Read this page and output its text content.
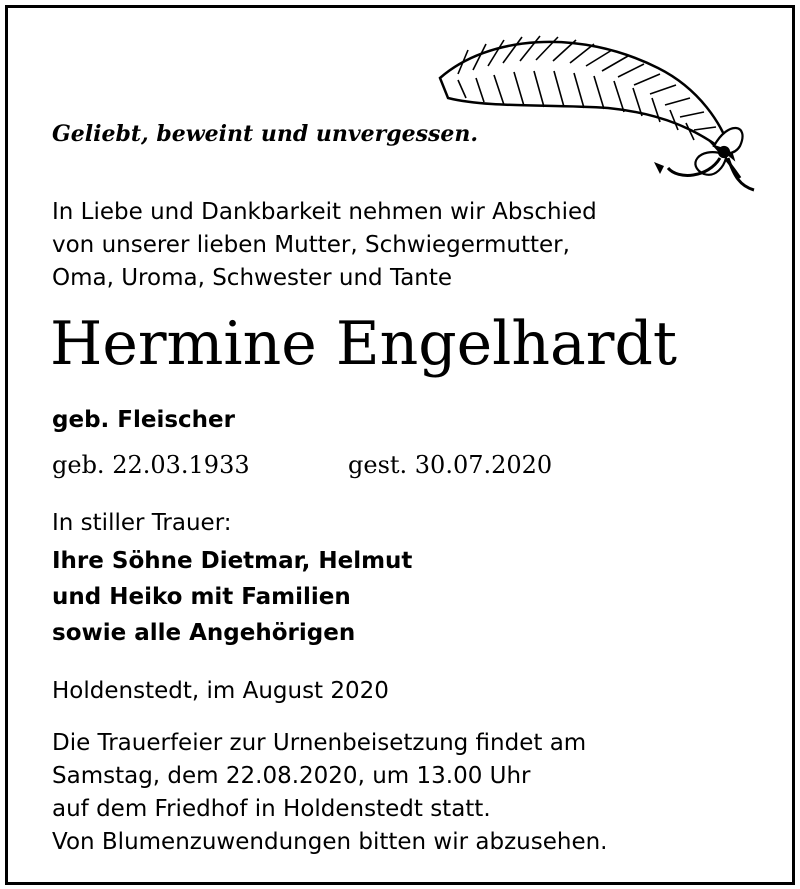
Geliebt, beweint und unvergessen.
In Liebe und Dankbarkeit nehmen wir Abschied
von unserer lieben Mutter, Schwiegermutter,
Oma, Uroma, Schwester und Tante
Hermine Engelhardt
geb. Fleischer
geb. 22.03.1933	gest. 30.07.2020
In stiller Trauer:
Ihre Söhne Dietmar, Helmut
und Heiko mit Familien
sowie alle Angehörigen
Holdenstedt, im August 2020
Die Trauerfeier zur Urnenbeisetzung findet am
Samstag, dem 22.08.2020, um 13.00 Uhr
auf dem Friedhof in Holdenstedt statt.
Von Blumenzuwendungen bitten wir abzusehen.
